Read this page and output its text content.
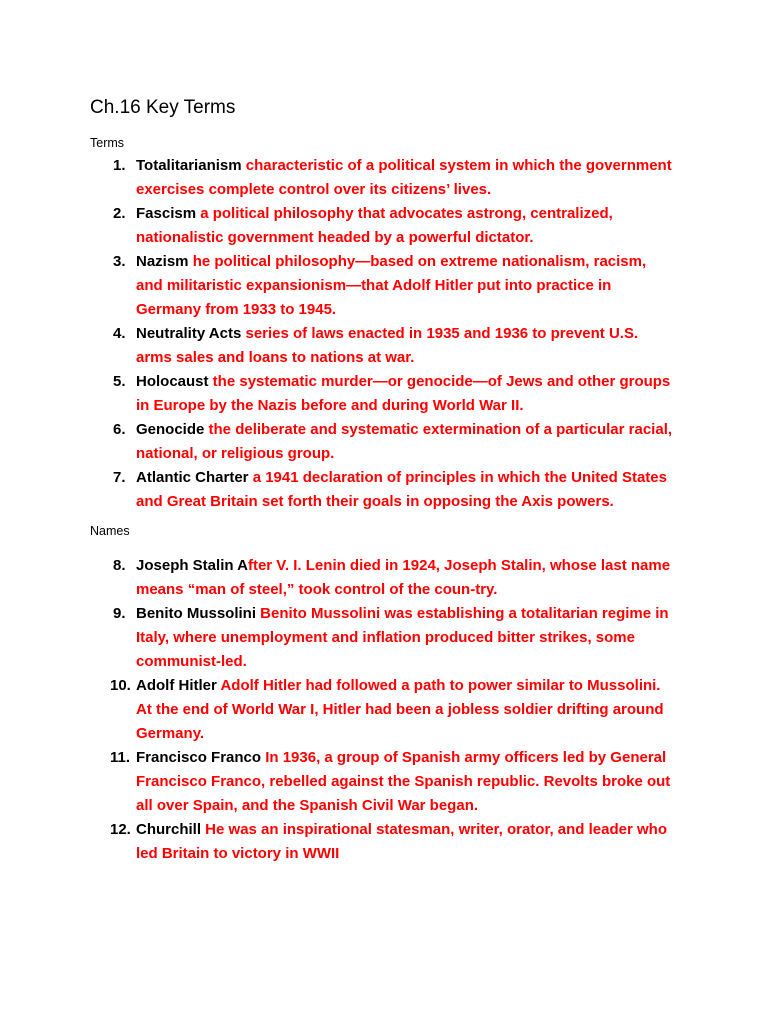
Ch.16 Key Terms
Terms
1. Totalitarianism characteristic of a political system in which the government exercises complete control over its citizens’ lives.
2. Fascism a political philosophy that advocates astrong, centralized, nationalistic government headed by a powerful dictator.
3. Nazism he political philosophy—based on extreme nationalism, racism, and militaristic expansionism—that Adolf Hitler put into practice in Germany from 1933 to 1945.
4. Neutrality Acts series of laws enacted in 1935 and 1936 to prevent U.S. arms sales and loans to nations at war.
5. Holocaust the systematic murder—or genocide—of Jews and other groups in Europe by the Nazis before and during World War II.
6. Genocide the deliberate and systematic extermination of a particular racial, national, or religious group.
7. Atlantic Charter a 1941 declaration of principles in which the United States and Great Britain set forth their goals in opposing the Axis powers.
Names
8. Joseph Stalin After V. I. Lenin died in 1924, Joseph Stalin, whose last name means “man of steel,” took control of the coun-try.
9. Benito Mussolini Benito Mussolini was establishing a totalitarian regime in Italy, where unemployment and inflation produced bitter strikes, some communist-led.
10. Adolf Hitler Adolf Hitler had followed a path to power similar to Mussolini. At the end of World War I, Hitler had been a jobless soldier drifting around Germany.
11. Francisco Franco In 1936, a group of Spanish army officers led by General Francisco Franco, rebelled against the Spanish republic. Revolts broke out all over Spain, and the Spanish Civil War began.
12. Churchill He was an inspirational statesman, writer, orator, and leader who led Britain to victory in WWII
